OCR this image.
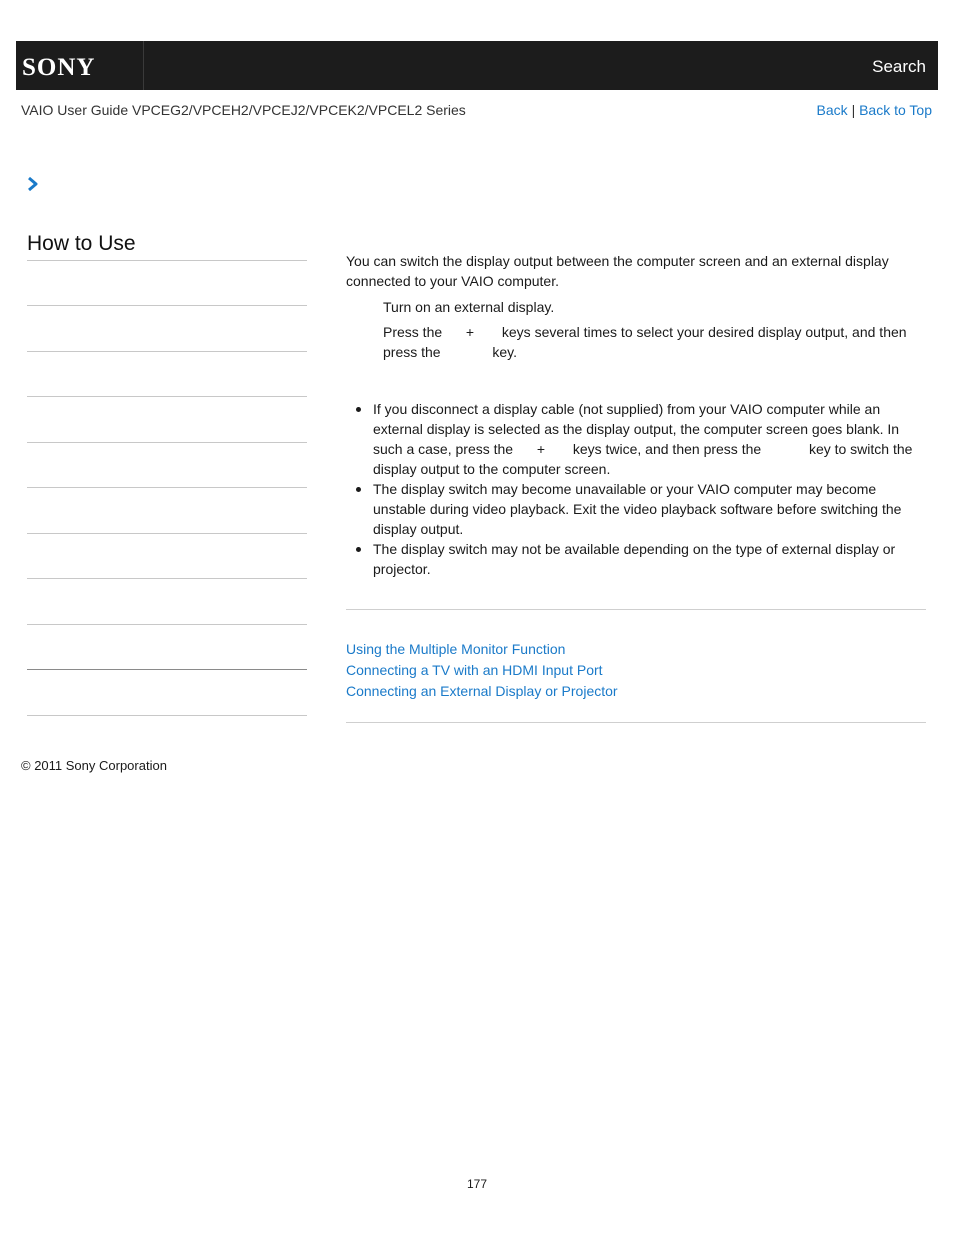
SONY	Search
VAIO User Guide VPCEG2/VPCEH2/VPCEJ2/VPCEK2/VPCEL2 Series	Back | Back to Top
How to Use
You can switch the display output between the computer screen and an external display connected to your VAIO computer.
Turn on an external display.
Press the + keys several times to select your desired display output, and then
press the	key.
If you disconnect a display cable (not supplied) from your VAIO computer while an external display is selected as the display output, the computer screen goes blank. In such a case, press the + keys twice, and then press the	key to switch the display output to the computer screen.
The display switch may become unavailable or your VAIO computer may become unstable during video playback. Exit the video playback software before switching the display output.
The display switch may not be available depending on the type of external display or projector.
Using the Multiple Monitor Function
Connecting a TV with an HDMI Input Port
Connecting an External Display or Projector
© 2011 Sony Corporation
177
